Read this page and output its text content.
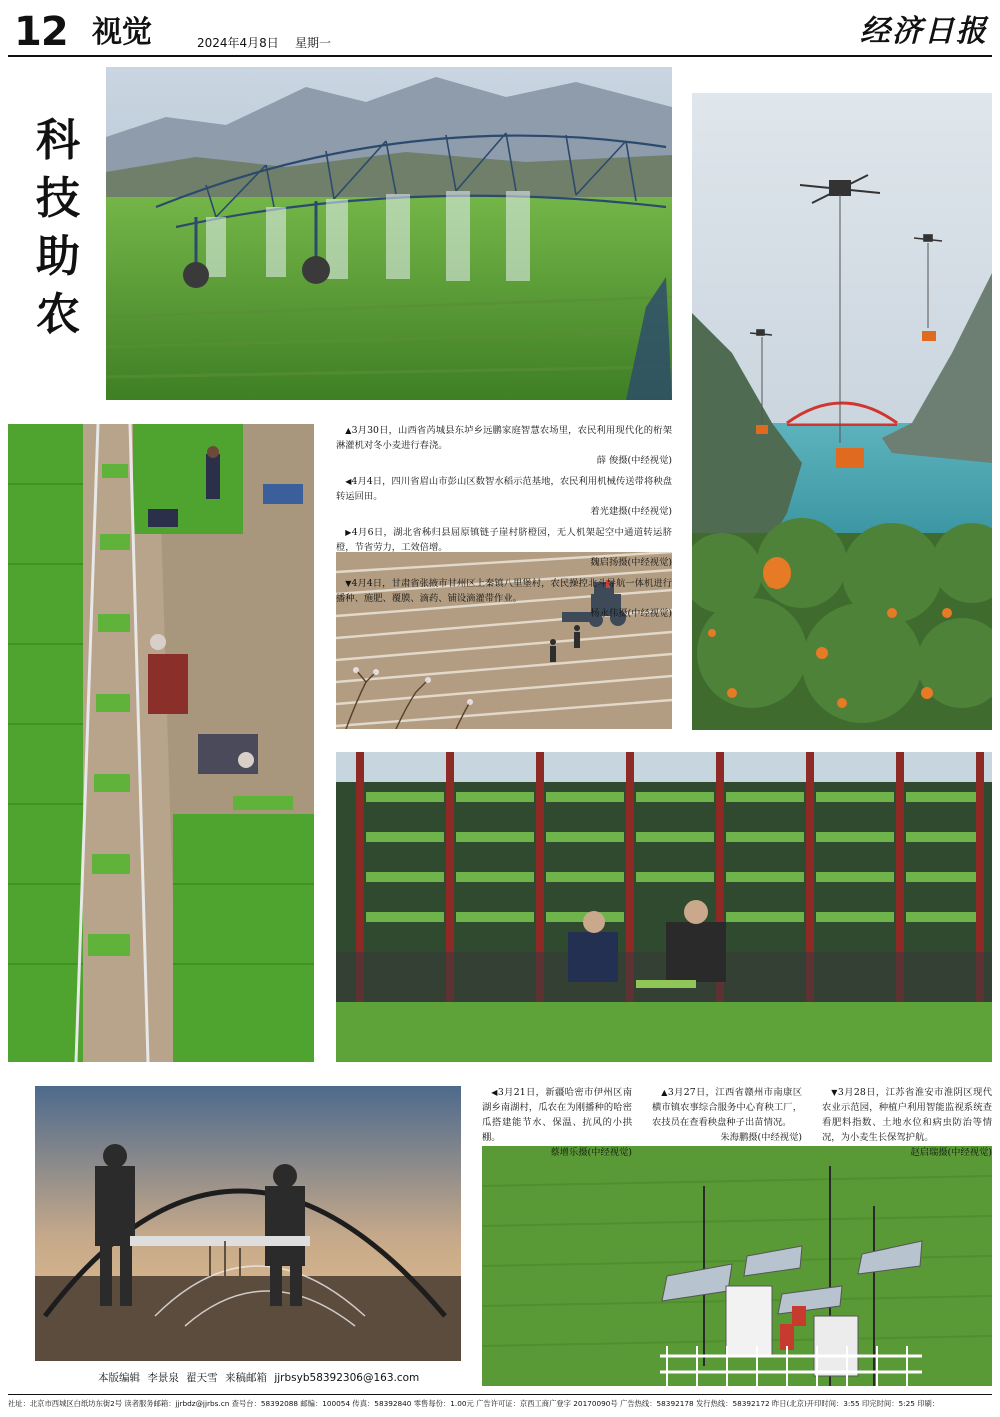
12 视觉	2024年4月8日 星期一	经济日报
科
技
助
农

▲3月30日，山西省芮城县东垆乡远鹏家庭智慧农场里，农民利用现代化的桁架淋灌机对冬小麦进行春浇。
薛 俊摄(中经视觉)

◀4月4日，四川省眉山市彭山区数智水稻示范基地，农民利用机械传送带将秧盘转运回田。
着光建摄(中经视觉)

▶4月6日，湖北省秭归县屈原镇链子崖村脐橙园，无人机架起空中通道转运脐橙，节省劳力，工效倍增。
魏启扬摄(中经视觉)

▼4月4日，甘肃省张掖市甘州区上秦镇八里堡村，农民操控北斗导航一体机进行播种、施肥、覆膜、滴药、铺设滴灌带作业。
杨永伟摄(中经视觉)

◀3月21日，新疆哈密市伊州区南湖乡南湖村，瓜农在为刚播种的哈密瓜搭建能节水、保温、抗风的小拱棚。
蔡增乐摄(中经视觉)

▲3月27日，江西省赣州市南康区横市镇农事综合服务中心育秧工厂，农技员在查看秧盘种子出苗情况。
朱海鹏摄(中经视觉)

▼3月28日，江苏省淮安市淮阴区现代农业示范园，种植户利用智能监视系统查看肥料指数、土地水位和病虫防治等情况，为小麦生长保驾护航。
赵启瑞摄(中经视觉)

本版编辑 李景泉 翟天雪 来稿邮箱 jjrbsyb58392306@163.com
社址：北京市西城区白纸坊东街2号 读者服务邮箱：jjrbdz@jjrbs.cn 查号台：58392088 邮编：100054 传真：58392840 零售每份：1.00元 广告许可证：京西工商广登字 20170090号 广告热线：58392178 发行热线：58392172 昨日(北京)开印时间：3:55 印完时间：5:25 印刷：
